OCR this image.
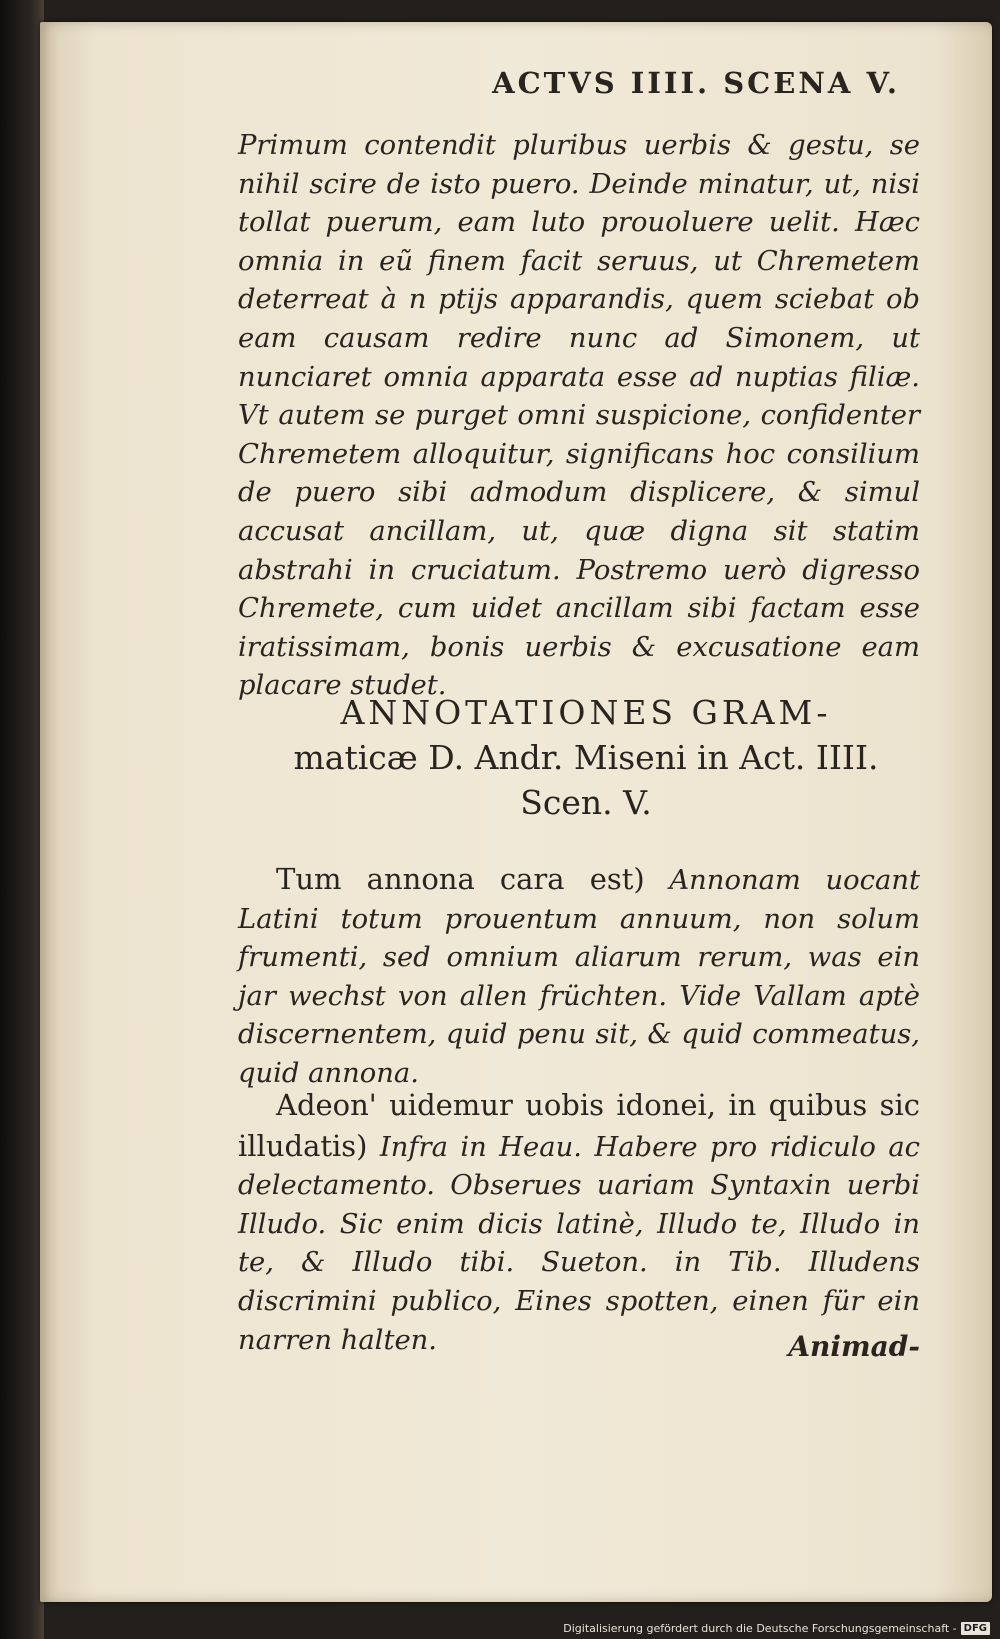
ACTVS IIII. SCENA V.
Primum contendit pluribus uerbis & gestu, se nihil scire de isto puero. Deinde minatur, ut, nisi tollat puerum, eam luto prouoluere uelit. Hæc omnia in eũ finem facit seruus, ut Chremetem deterreat à n ptijs apparandis, quem sciebat ob eam causam redire nunc ad Simonem, ut nunciaret omnia apparata esse ad nuptias filiæ. Vt autem se purget omni suspicione, confidenter Chremetem alloquitur, significans hoc consilium de puero sibi admodum displicere, & simul accusat ancillam, ut, quæ digna sit statim abstrahi in cruciatum. Postremo uerò digresso Chremete, cum uidet ancillam sibi factam esse iratissimam, bonis uerbis & excusatione eam placare studet.
ANNOTATIONES GRAM-
maticæ D. Andr. Miseni in Act. IIII.
Scen. V.
Tum annona cara est) Annonam uocant Latini totum prouentum annuum, non solum frumenti, sed omnium aliarum rerum, was ein jar wechst von allen früchten. Vide Vallam aptè discernentem, quid penu sit, & quid commeatus, quid annona.
Adeon' uidemur uobis idonei, in quibus sic illudatis) Infra in Heau. Habere pro ridiculo ac delectamento. Obserues uariam Syntaxin uerbi Illudo. Sic enim dicis latinè, Illudo te, Illudo in te, & Illudo tibi. Sueton. in Tib. Illudens discrimini publico, Eines spotten, einen für ein narren halten.	Animad-
Digitalisierung gefördert durch die Deutsche Forschungsgemeinschaft - DFG
